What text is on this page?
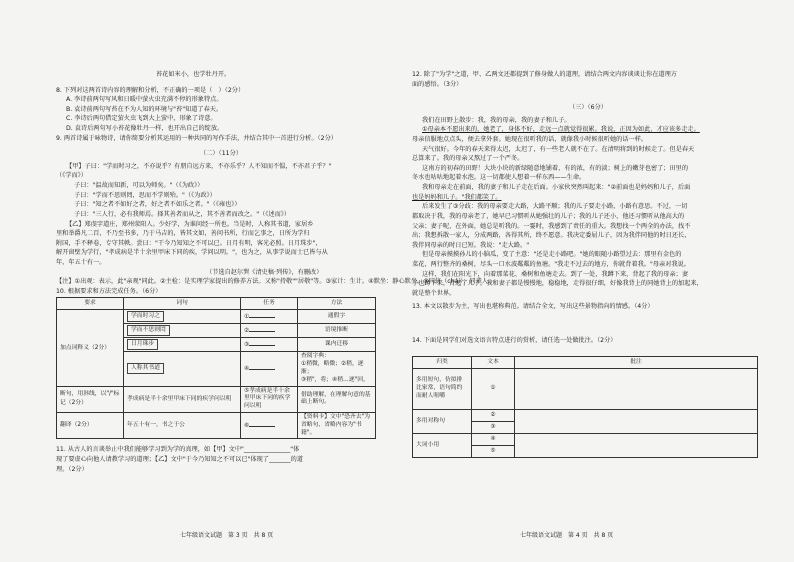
苔花如米小，也学牡丹开。
8. 下列对这两首诗内容的理解和分析，不正确的一项是（　）（2分）
A. 李诗前两句写风和日暖中萤火虫充满不停的形象特点。
B. 袁诗前两句写苔在不为人知的环境与"苔"知道了春天。
C. 李诗后两句借定萤火虫飞到大上萤中，形象了诗意。
D. 袁诗后两句写小苔花像牡丹一样，也开出自己的绽放。
9. 两首诗属于咏物诗，请你简要分析其运用的一种共同的写作手法，并结合其中一首进行分析。（2分）
（二）（11分）
【甲】子曰："学而时习之，不亦说乎？有朋自远方来，不亦乐乎？人不知而不愠，不亦君子乎？"
（《学而》）
子曰："温故而知新，可以为师矣。"（《为政》）
子曰："学而不思则罔，思而不学则殆。"（《为政》）
子曰："知之者不如好之者，好之者不如乐之者。"（《雍也》）
子曰："三人行，必有我师焉。择其善者而从之，其不善者而改之。"（《述而》）
【乙】郑虔字道庄，郑州荥阳人。少好学，为谁问经一所也。当是时，人称其书道，家居乡
里和举爵凡二百，不乃至书多，乃于马吉的，皆其文如，善问书所，行而乞事之，日所为学归
附国，手不释卷，专守其帙。尝曰："干今乃知知之不可以已。日月有明，客光必照。日月珠步"，
解开窗壁为学行，"孝成病是半十余里甲床下同的疾，学问以明。"，也为之，从事学说而士已皆与从
年，年五十有一。
（节选自赵尔巽《清史稿·列传》，有删改）
【注】①出观：表示，此"亲观"同此。②主检：是实理学家提出的修养方法。又称"持敬""居敬"等。③家计：生计。④默坐：静心默坐。⑤同侪（chái）：同辈人。
10. 根据要求和方法完成任务。（6分）
要求	词句	任务	方法
加点词释义（2分）	学而时习之	①	通假字
	学而不思则罔	②	语境推断
	日月珠步	③	课内迁移
	人称其书道	④	查阅字典：
①稍微，略微；②稍，逐渐；
③稍"，将；④稍…逐"回，
断句，用斜线，以"/"标记（2分）	孝成病是半十余里甲床下同的疾学问以明	⑤孝成病是半十余里甲床下同的疾学问以明	借助理解，在理解句意的基础上断句。
翻译（2分）	年五十有一，书之于公	⑥	【资料卡】文中"恐齐去"为省略句，省略内容为"书籍"。
11. 从古人的言谈举止中我们能够学习到为学的真理，如【甲】文中"_______________"体
现了要虚心向他人请教学习的道理；【乙】文中"于今乃知知之不可以已"体现了_______的道
理。（2分）
七年级语文试题　第 3 页　共 8 页
12. 除了"为学"之道，甲、乙两文还都提到了修身做人的道理，请结合两文内容谈谈让你在道理方
面的感悟。（3分）
（三）（6分）
我们在田野上散步：我，我的母亲，我的妻子和儿子。
①母亲本不愿出来的，她老了，身体不好，走远一点就觉得很累。我说，正因为如此，才应该多走走。
母亲信服地点点头，便去拿外套。她现在很听我的话，就像我小时候很听她的话一样。
天气很好。今年的春天来得太迟，太迟了，有一些老人就不在了。在清明将到的时候走了。但是春天
总算来了。我的母亲又熬过了一个严冬。
这南方的初春的田野！大块小块的新绿随意地铺着，有的浓，有的淡；树上的嫩芽也密了；田里的
冬水也咕咕地起着水泡。这一切都使人想着一样东西——生命。
我和母亲走在前面，我的妻子和儿子走在后面。小家伙突然叫起来："②前面也是妈妈和儿子，后面
也是妈妈和儿子。"我们都笑了。
后来发生了③分歧：我的母亲要走大路，大路平顺；我的儿子要走小路，小路有意思。不过，一切
都取决于我，我的母亲老了，她早已习惯听从她强壮的儿子；我的儿子还小，他还习惯听从他高大的
父亲；妻子呢，在外面，她总是听我的。一霎时，我感到了责任的重大。我想找一个两全的办法，找不
出；我想拆散一家人，分成两路，各得其所，终不愿意。我决定委屈儿子，因为我伴同他的时日还长，
我伴同母亲的时日已短。我说："走大路。"
但是母亲摸摸孙儿的小脑瓜，变了主意："还是走小路吧。"她的眼随小路望过去：那里有金色的
菜花，两行整齐的桑树，尽头一口水波粼粼的鱼塘。"我走不过去的地方，你就背着我。"母亲对我说。
这样，我们在阳光下，向着那菜花、桑树和鱼塘走去。到了一处，我蹲下来，背起了我的母亲；妻
子也蹲下来，背起了儿子。我和妻子都是慢慢地，稳稳地，走得很仔细，好像我背上的同她背上的加起来，
就是整个世界。
13. 本文以散步为主，写出也堪称典范。请结合全文，写出这些景物指向的情感。（4分）
14. 下面是同学们对选文语言特点进行的赏析，请任选一处做批注。（2分）
归类	文本	批注
多用短句，仿拟排比家常，语句简约而耐人咀嚼	①	
多用对称句	②	
	③	
大词小用	④	
	⑤	
七年级语文试题　第 4 页　共 8 页
